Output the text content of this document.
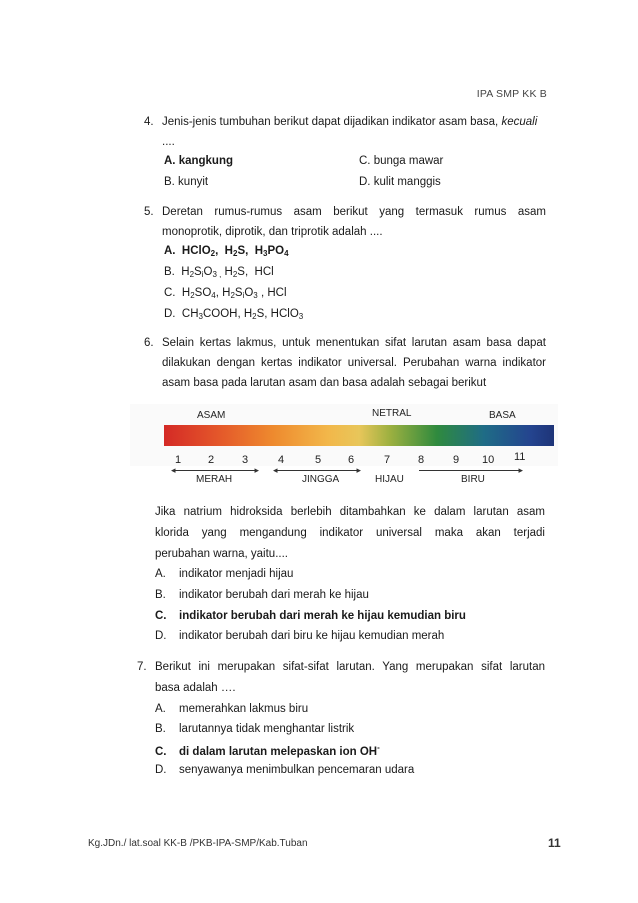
IPA SMP KK B
4. Jenis-jenis tumbuhan berikut dapat dijadikan indikator asam basa, kecuali
....
A. kangkung	C. bunga mawar
B. kunyit	D. kulit manggis
5. Deretan rumus-rumus asam berikut yang termasuk rumus asam
monoprotik, diprotik, dan triprotik adalah ....
A.  HClO$_2$,  $H_2S$,  $H_3PO_4$
B.  $H_2S_iO_{3 ,}$ $H_2S$,  HCl
C.  $H_2SO_4$, $H_2S_iO_3$ , HCl
D.  $CH_3COOH$, $H_2S$, HClO$_3$
6. Selain kertas lakmus, untuk menentukan sifat larutan asam basa dapat
dilakukan dengan kertas indikator universal. Perubahan warna indikator
asam basa pada larutan asam dan basa adalah sebagai berikut
ASAM	NETRAL	BASA
1 2	3	4	5 6	7	8	9 10 11
◂	▸ ◂	▸	▸
MERAH	JINGGA	HIJAU	BIRU
Jika natrium hidroksida berlebih ditambahkan ke dalam larutan asam
klorida yang mengandung indikator universal maka akan terjadi
perubahan warna, yaitu....
A. indikator menjadi hijau
B. indikator berubah dari merah ke hijau
C. indikator berubah dari merah ke hijau kemudian biru
D. indikator berubah dari biru ke hijau kemudian merah
7. Berikut ini merupakan sifat-sifat larutan. Yang merupakan sifat larutan
basa adalah ….
A. memerahkan lakmus biru
B. larutannya tidak menghantar listrik
C. di dalam larutan melepaskan ion OH-
D. senyawanya menimbulkan pencemaran udara
Kg.JDn./ lat.soal KK-B /PKB-IPA-SMP/Kab.Tuban	11
